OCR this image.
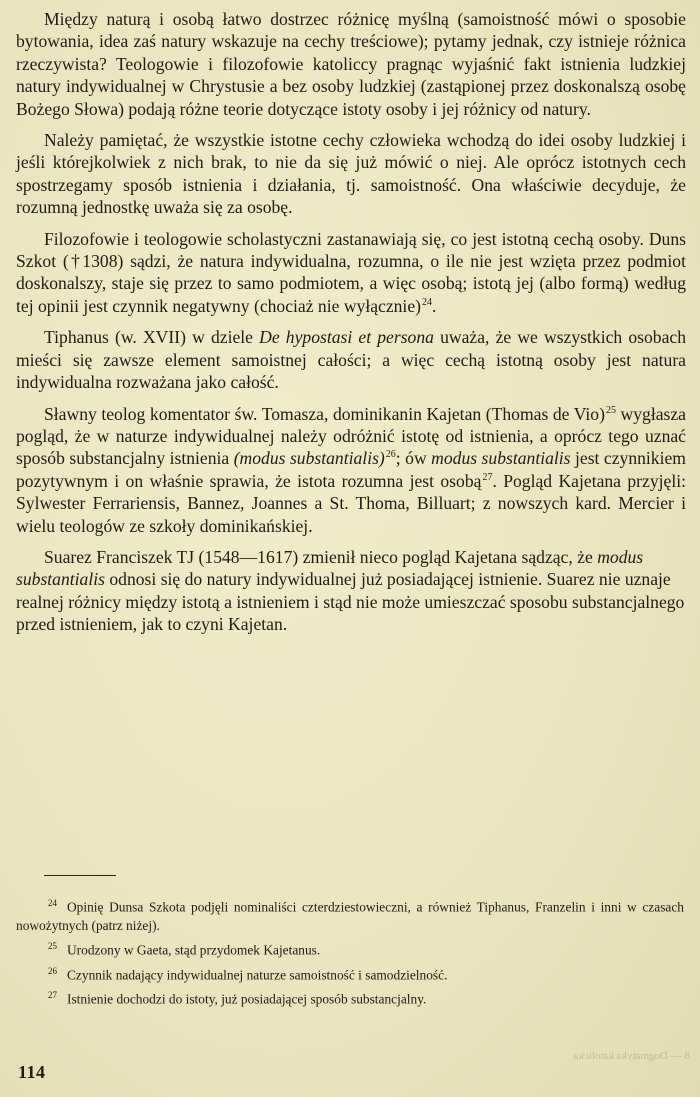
Między naturą i osobą łatwo dostrzec różnicę myślną (samoistność mówi o sposobie bytowania, idea zaś natury wskazuje na cechy treściowe); pytamy jednak, czy istnieje różnica rzeczywista? Teologowie i filozofowie katoliccy pragnąc wyjaśnić fakt istnienia ludzkiej natury indywidualnej w Chrystusie a bez osoby ludzkiej (zastąpionej przez doskonalszą osobę Bożego Słowa) podają różne teorie dotyczące istoty osoby i jej różnicy od natury.

Należy pamiętać, że wszystkie istotne cechy człowieka wchodzą do idei osoby ludzkiej i jeśli którejkolwiek z nich brak, to nie da się już mówić o niej. Ale oprócz istotnych cech spostrzegamy sposób istnienia i działania, tj. samoistność. Ona właściwie decyduje, że rozumną jednostkę uważa się za osobę.

Filozofowie i teologowie scholastyczni zastanawiają się, co jest istotną cechą osoby. Duns Szkot (†1308) sądzi, że natura indywidualna, rozumna, o ile nie jest wzięta przez podmiot doskonalszy, staje się przez to samo podmiotem, a więc osobą; istotą jej (albo formą) według tej opinii jest czynnik negatywny (chociaż nie wyłącznie)$^{24}$.

Tiphanus (w. XVII) w dziele De hypostasi et persona uważa, że we wszystkich osobach mieści się zawsze element samoistnej całości; a więc cechą istotną osoby jest natura indywidualna rozważana jako całość.

Sławny teolog komentator św. Tomasza, dominikanin Kajetan (Thomas de Vio)$^{25}$ wygłasza pogląd, że w naturze indywidualnej należy odróżnić istotę od istnienia, a oprócz tego uznać sposób substancjalny istnienia (modus substantialis)$^{26}$; ów modus substantialis jest czynnikiem pozytywnym i on właśnie sprawia, że istota rozumna jest osobą$^{27}$. Pogląd Kajetana przyjęli: Sylwester Ferrariensis, Bannez, Joannes a St. Thoma, Billuart; z nowszych kard. Mercier i wielu teologów ze szkoły dominikańskiej.

Suarez Franciszek TJ (1548—1617) zmienił nieco pogląd Kajetana sądząc, że modus substantialis odnosi się do natury indywidualnej już posiadającej istnienie. Suarez nie uznaje realnej różnicy między istotą a istnieniem i stąd nie może umieszczać sposobu substancjalnego przed istnieniem, jak to czyni Kajetan.

$^{24}$ Opinię Dunsa Szkota podjęli nominaliści czterdziestowieczni, a również Tiphanus, Franzelin i inni w czasach nowożytnych (patrz niżej).
$^{25}$ Urodzony w Gaeta, stąd przydomek Kajetanus.
$^{26}$ Czynnik nadający indywidualnej naturze samoistność i samodzielność.
$^{27}$ Istnienie dochodzi do istoty, już posiadającej sposób substancjalny.
114
8 — Dogmatyka katolicka
